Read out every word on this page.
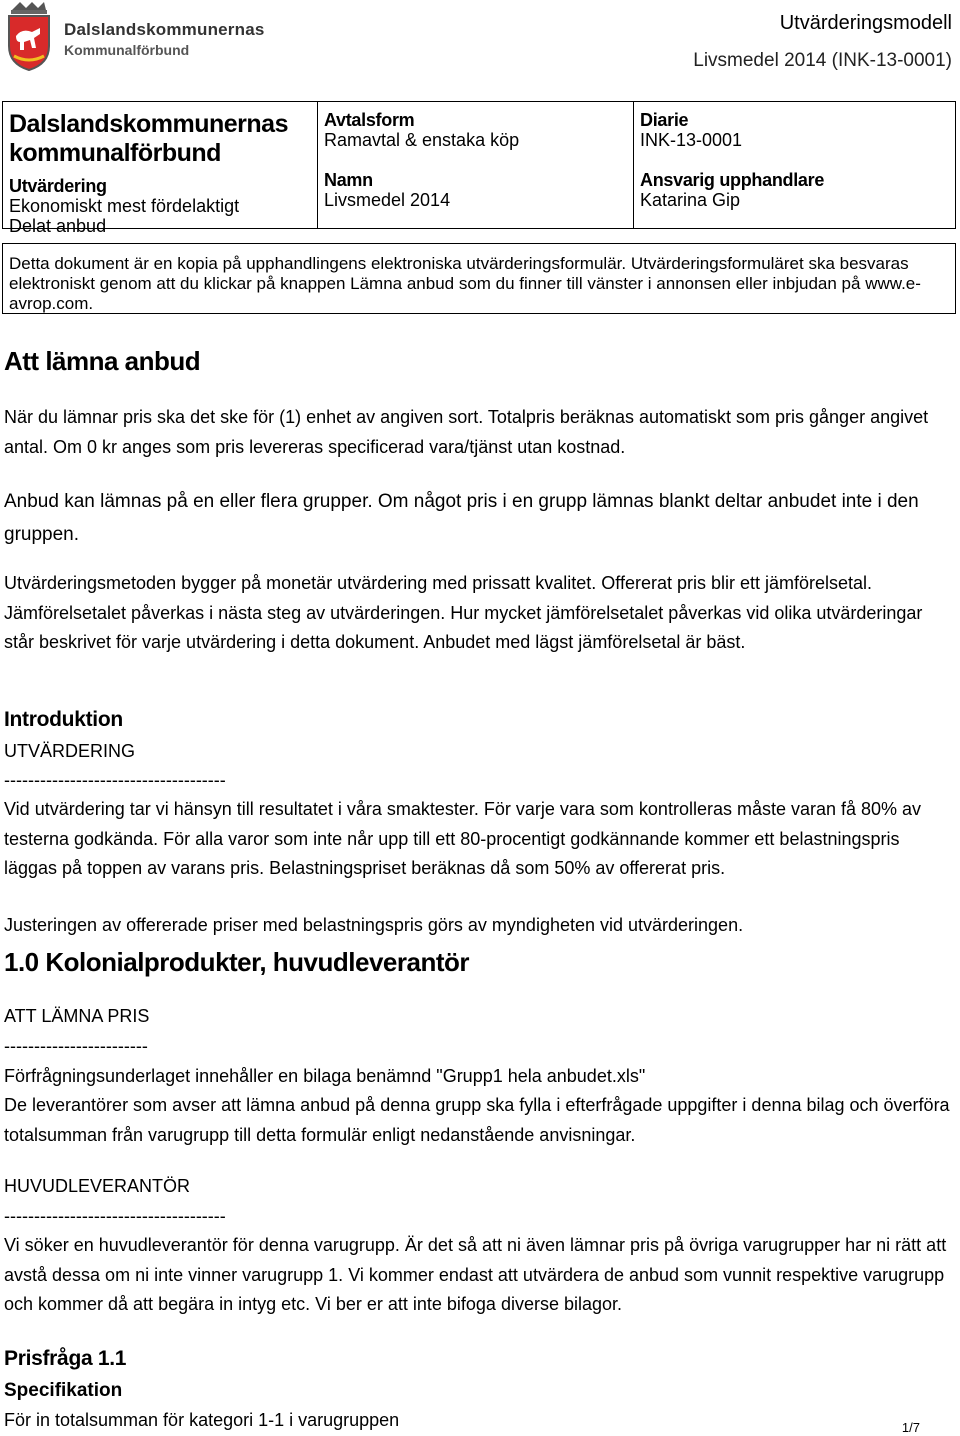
Dalslandskommunernas
Kommunalförbund
Utvärderingsmodell
Livsmedel 2014 (INK-13-0001)
Dalslandskommunernas kommunalförbund
Utvärdering
Ekonomiskt mest fördelaktigt
Delat anbud
Avtalsform
Ramavtal & enstaka köp
Namn
Livsmedel 2014
Diarie
INK-13-0001
Ansvarig upphandlare
Katarina Gip
Detta dokument är en kopia på upphandlingens elektroniska utvärderingsformulär. Utvärderingsformuläret ska besvaras elektroniskt genom att du klickar på knappen Lämna anbud som du finner till vänster i annonsen eller inbjudan på www.e-avrop.com.
Att lämna anbud
När du lämnar pris ska det ske för (1) enhet av angiven sort. Totalpris beräknas automatiskt som pris gånger angivet antal. Om 0 kr anges som pris levereras specificerad vara/tjänst utan kostnad.
Anbud kan lämnas på en eller flera grupper. Om något pris i en grupp lämnas blankt deltar anbudet inte i den gruppen.
Utvärderingsmetoden bygger på monetär utvärdering med prissatt kvalitet. Offererat pris blir ett jämförelsetal. Jämförelsetalet påverkas i nästa steg av utvärderingen. Hur mycket jämförelsetalet påverkas vid olika utvärderingar står beskrivet för varje utvärdering i detta dokument. Anbudet med lägst jämförelsetal är bäst.
Introduktion
UTVÄRDERING
-------------------------------------
Vid utvärdering tar vi hänsyn till resultatet i våra smaktester. För varje vara som kontrolleras måste varan få 80% av testerna godkända. För alla varor som inte når upp till ett 80-procentigt godkännande kommer ett belastningspris läggas på toppen av varans pris. Belastningspriset beräknas då som 50% av offererat pris.
Justeringen av offererade priser med belastningspris görs av myndigheten vid utvärderingen.
1.0 Kolonialprodukter, huvudleverantör
ATT LÄMNA PRIS
------------------------
Förfrågningsunderlaget innehåller en bilaga benämnd "Grupp1 hela anbudet.xls"
De leverantörer som avser att lämna anbud på denna grupp ska fylla i efterfrågade uppgifter i denna bilag och överföra totalsumman från varugrupp till detta formulär enligt nedanstående anvisningar.
HUVUDLEVERANTÖR
-------------------------------------
Vi söker en huvudleverantör för denna varugrupp. Är det så att ni även lämnar pris på övriga varugrupper har ni rätt att avstå dessa om ni inte vinner varugrupp 1. Vi kommer endast att utvärdera de anbud som vunnit respektive varugrupp och kommer då att begära in intyg etc. Vi ber er att inte bifoga diverse bilagor.
Prisfråga 1.1
Specifikation
För in totalsumman för kategori 1-1 i varugruppen	1/7
